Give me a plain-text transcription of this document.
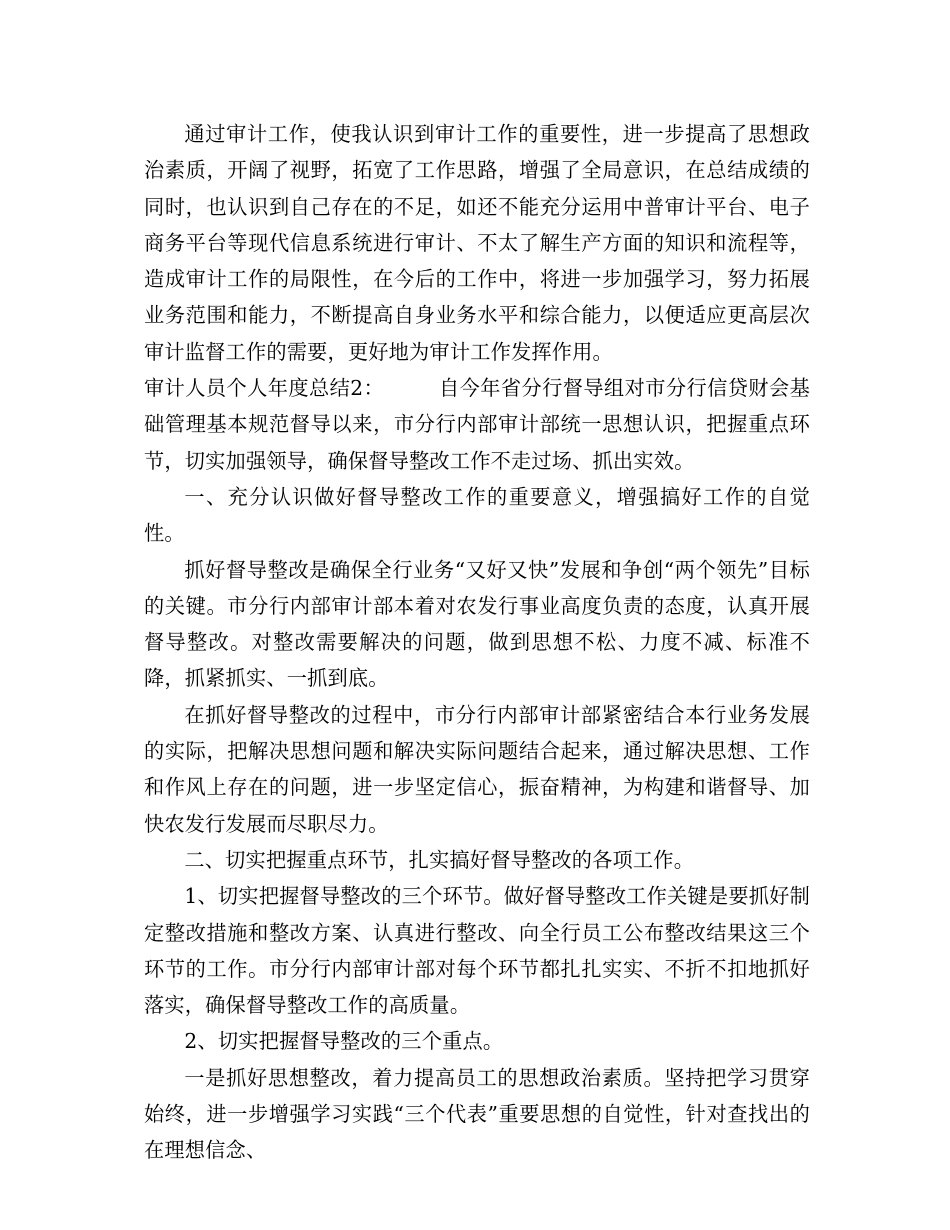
通过审计工作，使我认识到审计工作的重要性，进一步提高了思想政治素质，开阔了视野，拓宽了工作思路，增强了全局意识，在总结成绩的同时，也认识到自己存在的不足，如还不能充分运用中普审计平台、电子商务平台等现代信息系统进行审计、不太了解生产方面的知识和流程等，造成审计工作的局限性，在今后的工作中，将进一步加强学习，努力拓展业务范围和能力，不断提高自身业务水平和综合能力，以便适应更高层次审计监督工作的需要，更好地为审计工作发挥作用。

审计人员个人年度总结2：	自今年省分行督导组对市分行信贷财会基础管理基本规范督导以来，市分行内部审计部统一思想认识，把握重点环节，切实加强领导，确保督导整改工作不走过场、抓出实效。

一、充分认识做好督导整改工作的重要意义，增强搞好工作的自觉性。

抓好督导整改是确保全行业务“又好又快”发展和争创“两个领先”目标的关键。市分行内部审计部本着对农发行事业高度负责的态度，认真开展督导整改。对整改需要解决的问题，做到思想不松、力度不减、标准不降，抓紧抓实、一抓到底。

在抓好督导整改的过程中，市分行内部审计部紧密结合本行业务发展的实际，把解决思想问题和解决实际问题结合起来，通过解决思想、工作和作风上存在的问题，进一步坚定信心，振奋精神，为构建和谐督导、加快农发行发展而尽职尽力。

二、切实把握重点环节，扎实搞好督导整改的各项工作。

1、切实把握督导整改的三个环节。做好督导整改工作关键是要抓好制定整改措施和整改方案、认真进行整改、向全行员工公布整改结果这三个环节的工作。市分行内部审计部对每个环节都扎扎实实、不折不扣地抓好落实，确保督导整改工作的高质量。

2、切实把握督导整改的三个重点。

一是抓好思想整改，着力提高员工的思想政治素质。坚持把学习贯穿始终，进一步增强学习实践“三个代表”重要思想的自觉性，针对查找出的在理想信念、
